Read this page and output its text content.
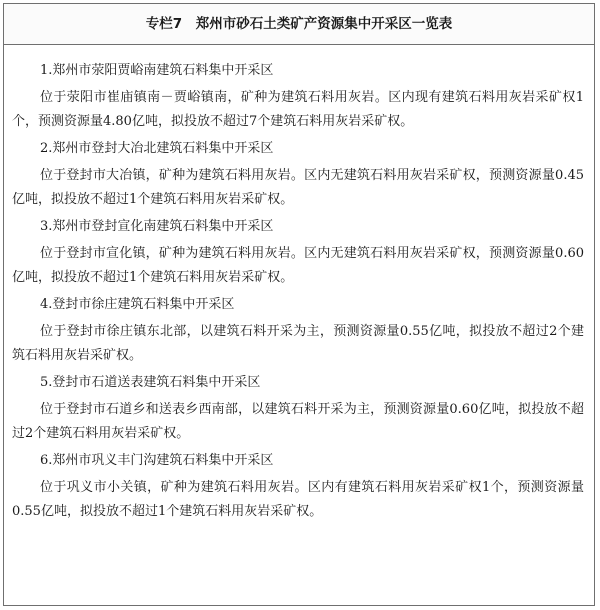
专栏7　郑州市砂石土类矿产资源集中开采区一览表
1.郑州市荥阳贾峪南建筑石料集中开采区
位于荥阳市崔庙镇南－贾峪镇南，矿种为建筑石料用灰岩。区内现有建筑石料用灰岩采矿权1个，预测资源量4.80亿吨，拟投放不超过7个建筑石料用灰岩采矿权。
2.郑州市登封大冶北建筑石料集中开采区
位于登封市大冶镇，矿种为建筑石料用灰岩。区内无建筑石料用灰岩采矿权，预测资源量0.45亿吨，拟投放不超过1个建筑石料用灰岩采矿权。
3.郑州市登封宣化南建筑石料集中开采区
位于登封市宣化镇，矿种为建筑石料用灰岩。区内无建筑石料用灰岩采矿权，预测资源量0.60亿吨，拟投放不超过1个建筑石料用灰岩采矿权。
4.登封市徐庄建筑石料集中开采区
位于登封市徐庄镇东北部，以建筑石料开采为主，预测资源量0.55亿吨，拟投放不超过2个建筑石料用灰岩采矿权。
5.登封市石道送表建筑石料集中开采区
位于登封市石道乡和送表乡西南部，以建筑石料开采为主，预测资源量0.60亿吨，拟投放不超过2个建筑石料用灰岩采矿权。
6.郑州市巩义丰门沟建筑石料集中开采区
位于巩义市小关镇，矿种为建筑石料用灰岩。区内有建筑石料用灰岩采矿权1个，预测资源量0.55亿吨，拟投放不超过1个建筑石料用灰岩采矿权。
